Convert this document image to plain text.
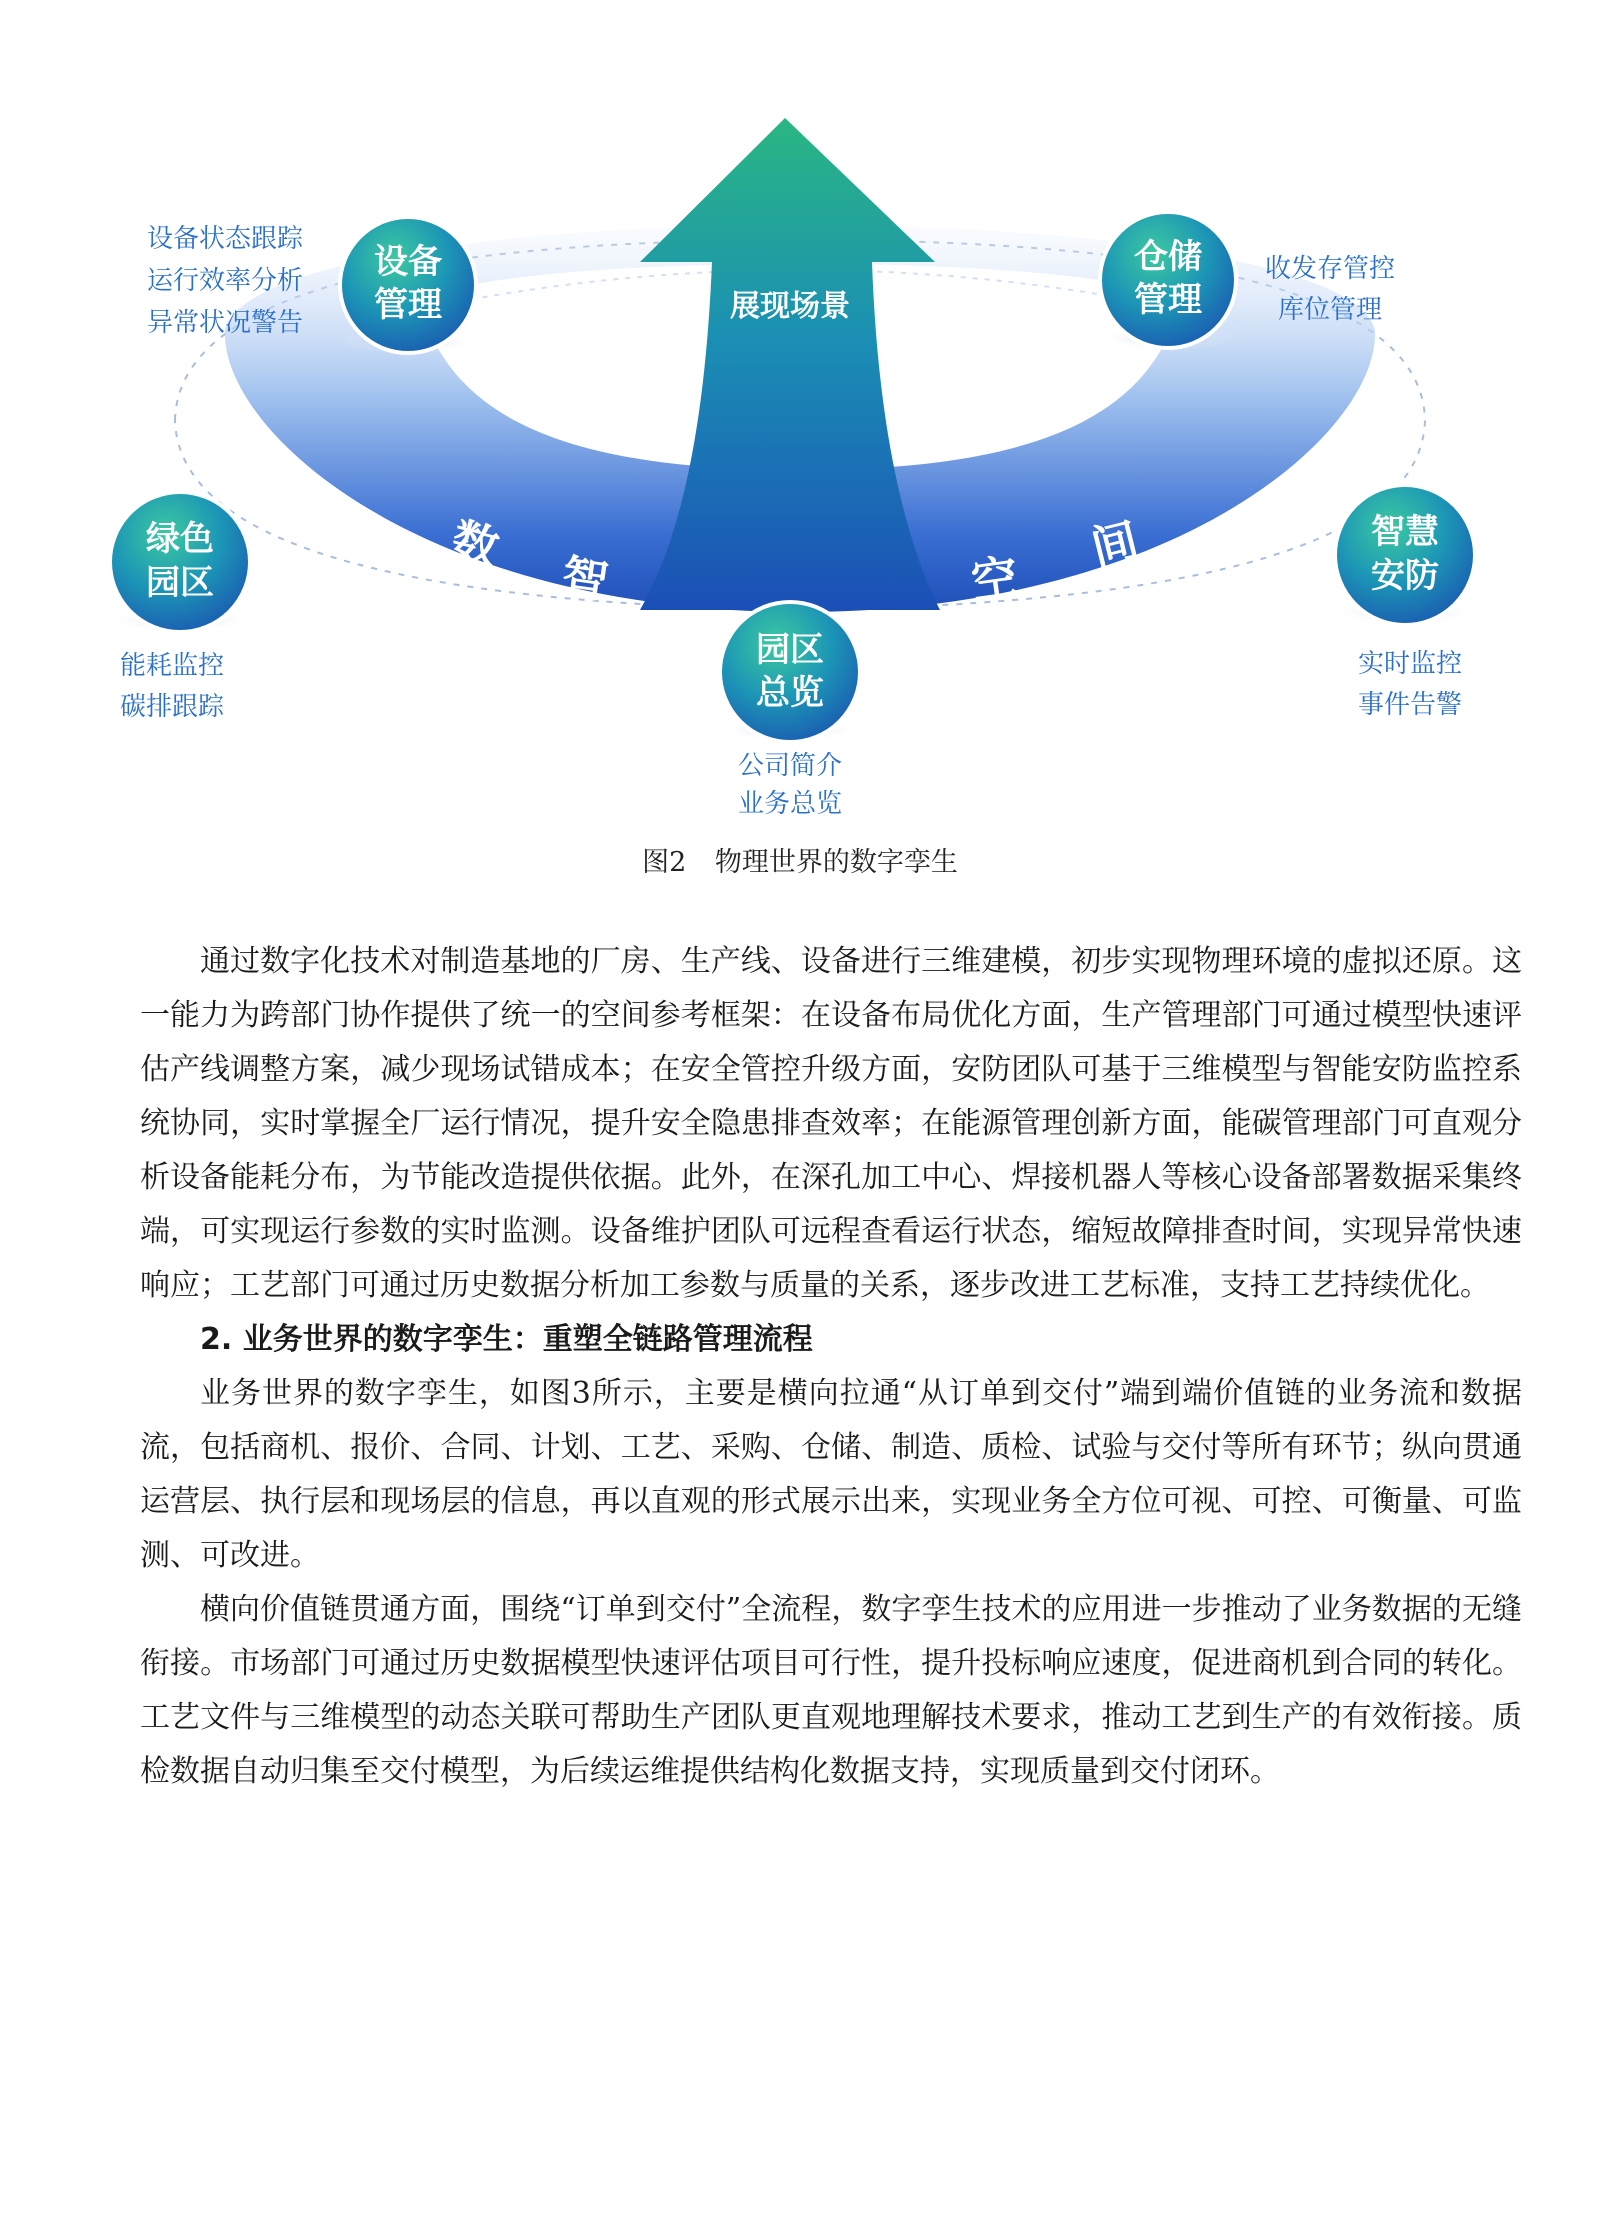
数
智	空
间
展现场景
设备
管理
设备状态跟踪
运行效率分析
异常状况警告
仓储
管理
收发存管控
库位管理
绿色
园区
能耗监控
碳排跟踪
智慧
安防
实时监控
事件告警
园区
总览
公司简介
业务总览
图2 物理世界的数字孪生

通过数字化技术对制造基地的厂房、生产线、设备进行三维建模，初步实现物理环境的虚拟还原。这一能力为跨部门协作提供了统一的空间参考框架：在设备布局优化方面，生产管理部门可通过模型快速评估产线调整方案，减少现场试错成本；在安全管控升级方面，安防团队可基于三维模型与智能安防监控系统协同，实时掌握全厂运行情况，提升安全隐患排查效率；在能源管理创新方面，能碳管理部门可直观分析设备能耗分布，为节能改造提供依据。此外，在深孔加工中心、焊接机器人等核心设备部署数据采集终端，可实现运行参数的实时监测。设备维护团队可远程查看运行状态，缩短故障排查时间，实现异常快速响应；工艺部门可通过历史数据分析加工参数与质量的关系，逐步改进工艺标准，支持工艺持续优化。

2. 业务世界的数字孪生：重塑全链路管理流程

业务世界的数字孪生，如图3所示，主要是横向拉通“从订单到交付”端到端价值链的业务流和数据流，包括商机、报价、合同、计划、工艺、采购、仓储、制造、质检、试验与交付等所有环节；纵向贯通运营层、执行层和现场层的信息，再以直观的形式展示出来，实现业务全方位可视、可控、可衡量、可监测、可改进。

横向价值链贯通方面，围绕“订单到交付”全流程，数字孪生技术的应用进一步推动了业务数据的无缝衔接。市场部门可通过历史数据模型快速评估项目可行性，提升投标响应速度，促进商机到合同的转化。工艺文件与三维模型的动态关联可帮助生产团队更直观地理解技术要求，推动工艺到生产的有效衔接。质检数据自动归集至交付模型，为后续运维提供结构化数据支持，实现质量到交付闭环。
